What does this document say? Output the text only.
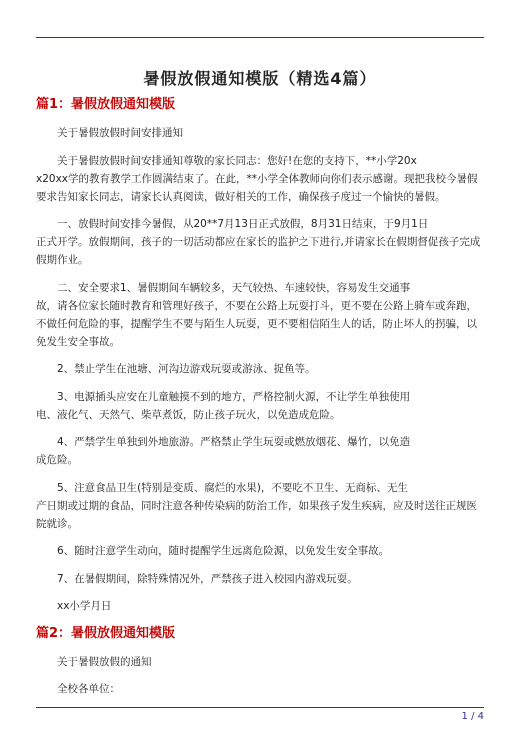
暑假放假通知模版（精选4篇）
篇1：暑假放假通知模版
关于暑假放假时间安排通知
关于暑假放假时间安排通知尊敬的家长同志：您好!在您的支持下，**小学20x
x20xx学的教育教学工作圆满结束了。在此，**小学全体教师向你们表示感谢。现把我校今暑假要求告知家长同志，请家长认真阅读，做好相关的工作，确保孩子度过一个愉快的暑假。
一、放假时间安排今暑假，从20**7月13日正式放假，8月31日结束，于9月1日
正式开学。放假期间，孩子的一切活动都应在家长的监护之下进行,并请家长在假期督促孩子完成假期作业。
二、安全要求1、暑假期间车辆较多，天气较热、车速较快，容易发生交通事
故，请各位家长随时教育和管理好孩子，不要在公路上玩耍打斗，更不要在公路上骑车或奔跑，不做任何危险的事，提醒学生不要与陌生人玩耍，更不要相信陌生人的话，防止坏人的拐骗，以免发生安全事故。
2、禁止学生在池塘、河沟边游戏玩耍或游泳、捉鱼等。
3、电源插头应安在儿童触摸不到的地方，严格控制火源，不让学生单独使用
电、液化气、天然气、柴草煮饭，防止孩子玩火，以免造成危险。
4、严禁学生单独到外地旅游。严格禁止学生玩耍或燃放烟花、爆竹，以免造
成危险。
5、注意食品卫生(特别是变质、腐烂的水果)，不要吃不卫生、无商标、无生
产日期或过期的食品，同时注意各种传染病的防治工作，如果孩子发生疾病，应及时送往正规医院就诊。
6、随时注意学生动向，随时提醒学生远离危险源，以免发生安全事故。
7、在暑假期间，除特殊情况外，严禁孩子进入校园内游戏玩耍。
xx小学月日
篇2：暑假放假通知模版
关于暑假放假的通知
全校各单位：
1 / 4
